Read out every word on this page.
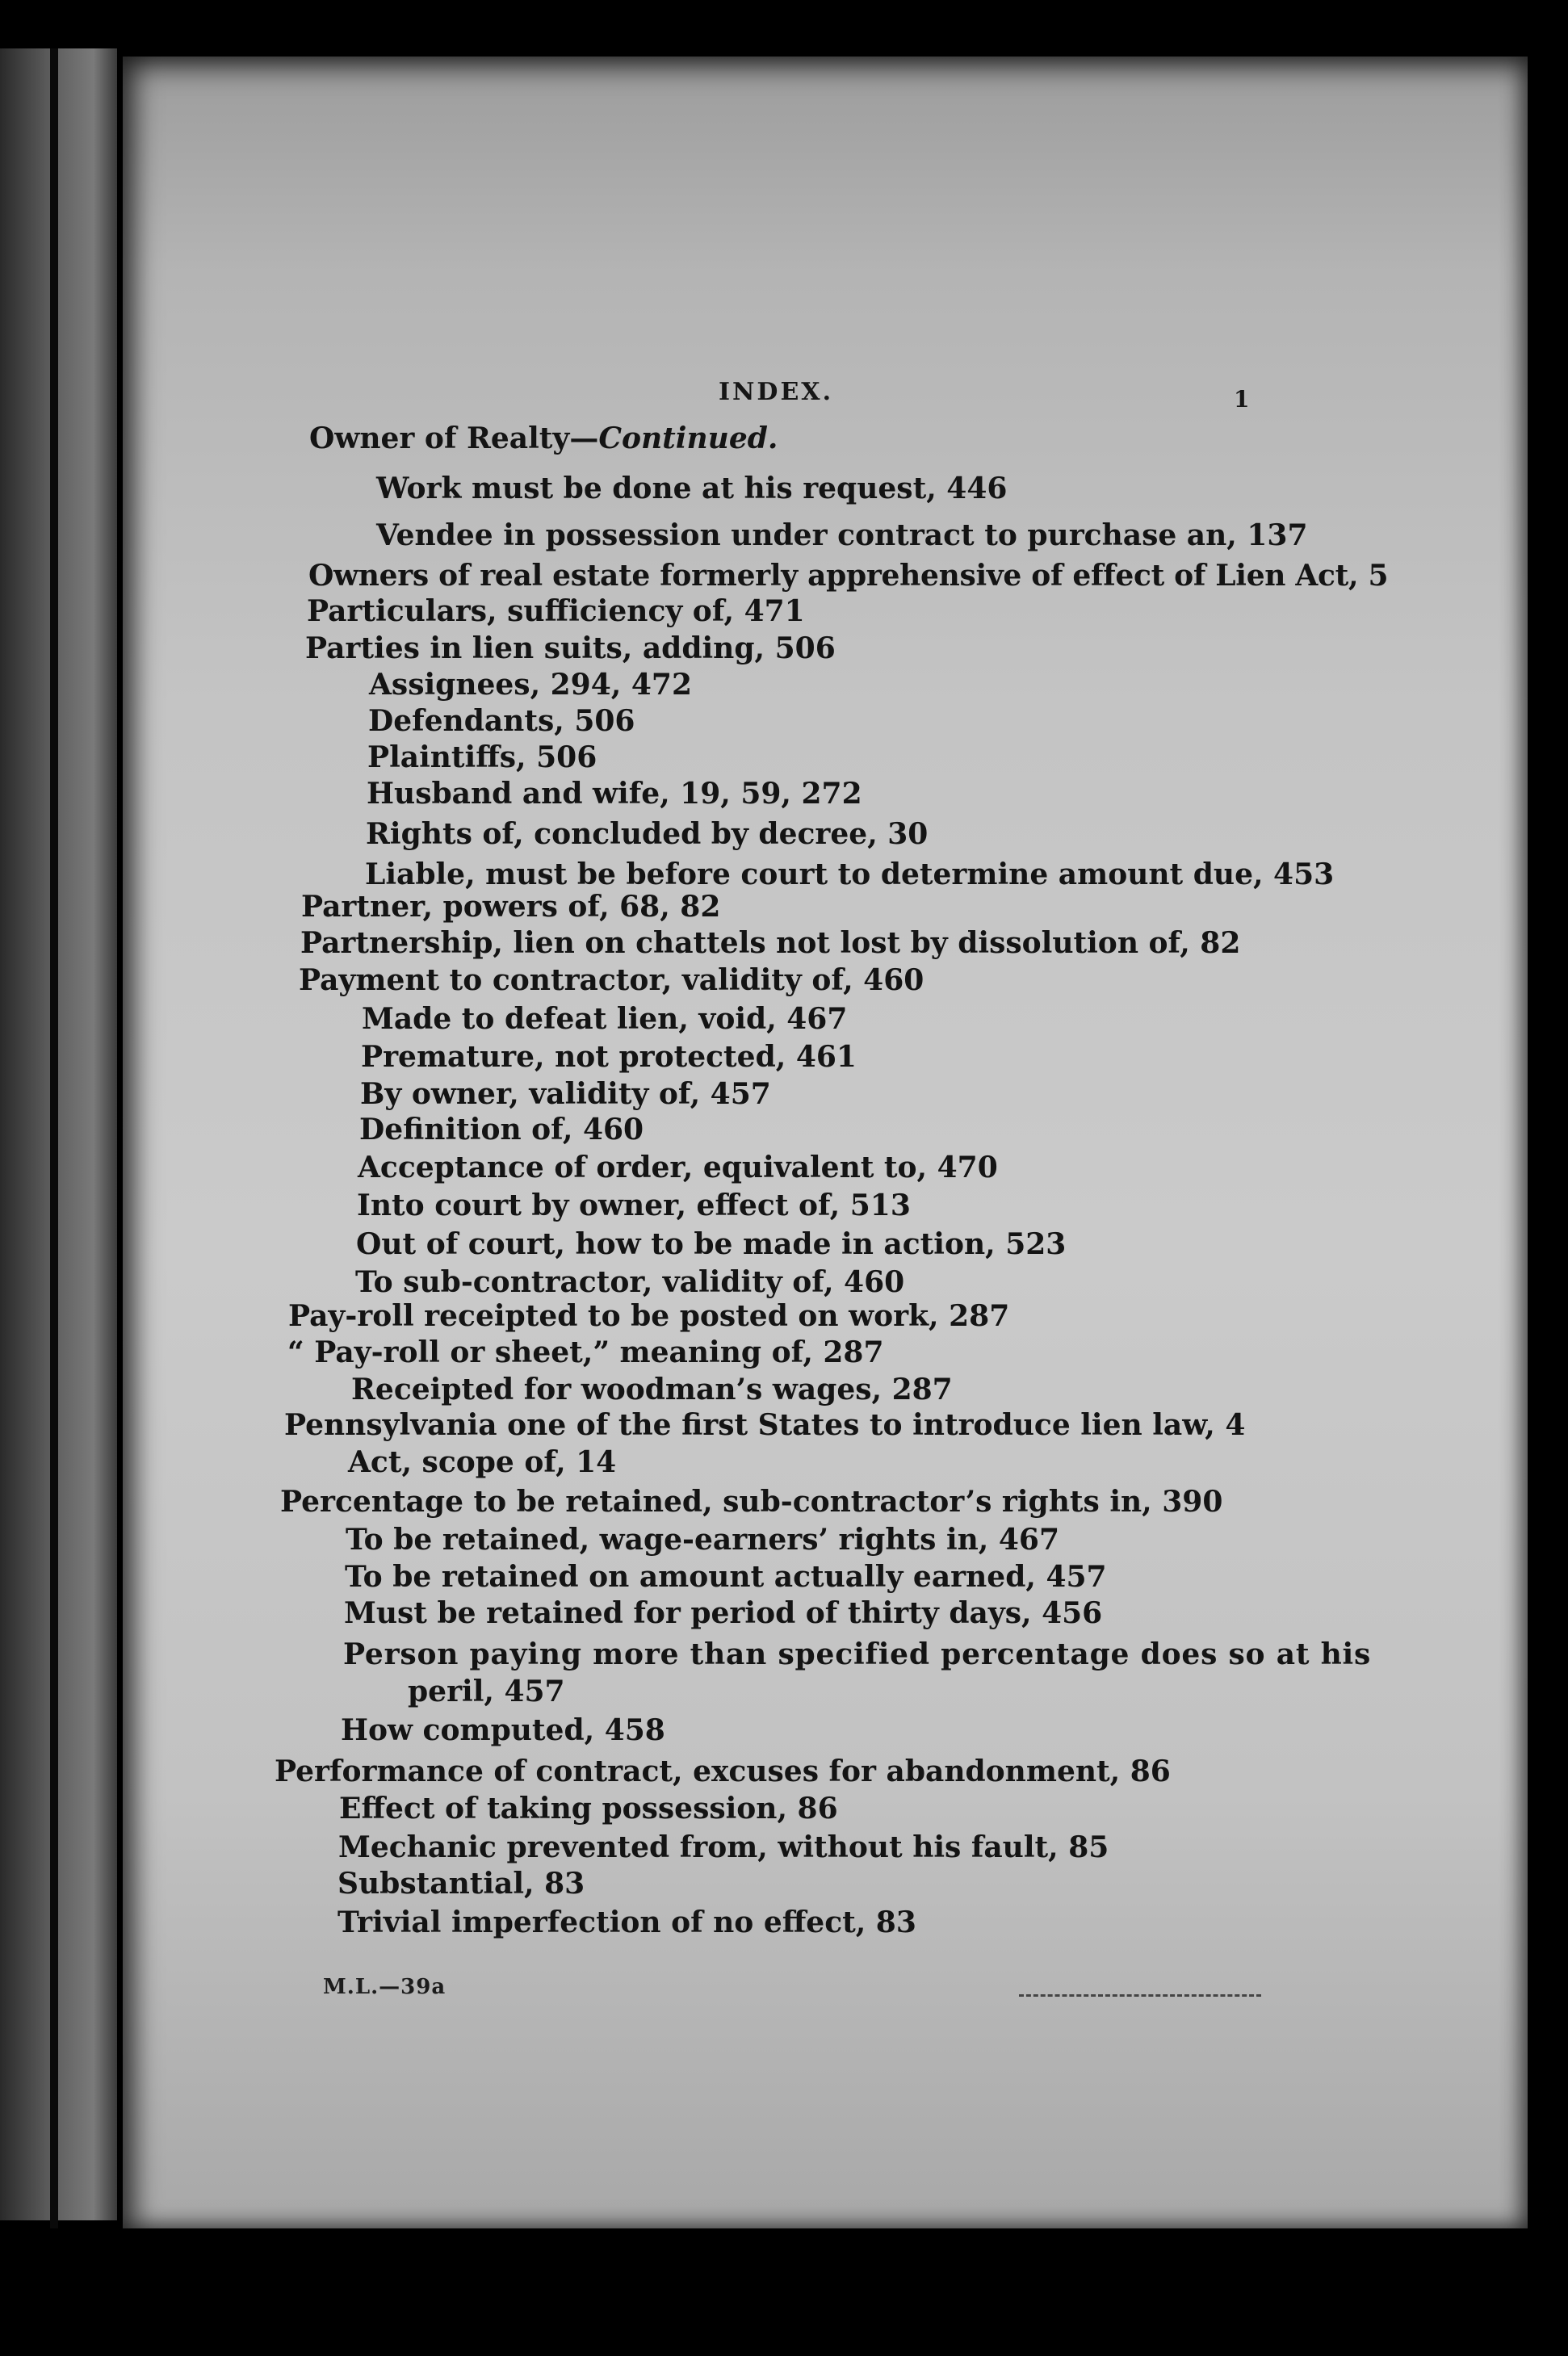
INDEX.	1
Owner of Realty—Continued.
Work must be done at his request, 446
Vendee in possession under contract to purchase an, 137
Owners of real estate formerly apprehensive of effect of Lien Act, 5
Particulars, sufficiency of, 471
Parties in lien suits, adding, 506
Assignees, 294, 472
Defendants, 506
Plaintiffs, 506
Husband and wife, 19, 59, 272
Rights of, concluded by decree, 30
Liable, must be before court to determine amount due, 453
Partner, powers of, 68, 82
Partnership, lien on chattels not lost by dissolution of, 82
Payment to contractor, validity of, 460
Made to defeat lien, void, 467
Premature, not protected, 461
By owner, validity of, 457
Definition of, 460
Acceptance of order, equivalent to, 470
Into court by owner, effect of, 513
Out of court, how to be made in action, 523
To sub-contractor, validity of, 460
Pay-roll receipted to be posted on work, 287
“ Pay-roll or sheet,” meaning of, 287
Receipted for woodman’s wages, 287
Pennsylvania one of the first States to introduce lien law, 4
Act, scope of, 14
Percentage to be retained, sub-contractor’s rights in, 390
To be retained, wage-earners’ rights in, 467
To be retained on amount actually earned, 457
Must be retained for period of thirty days, 456
Person paying more than specified percentage does so at his
peril, 457
How computed, 458
Performance of contract, excuses for abandonment, 86
Effect of taking possession, 86
Mechanic prevented from, without his fault, 85
Substantial, 83
Trivial imperfection of no effect, 83
M.L.—39a
